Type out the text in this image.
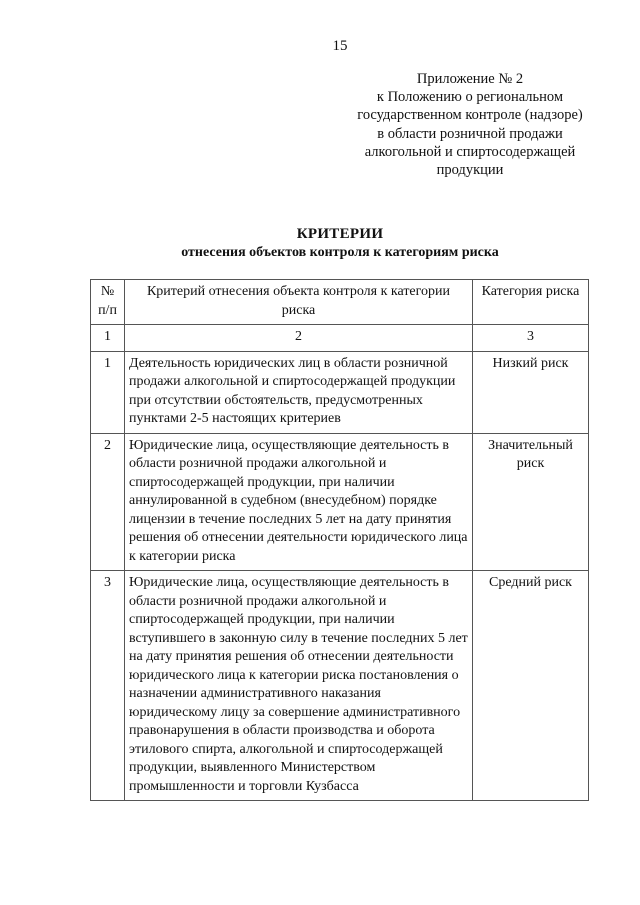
15
Приложение № 2
к Положению о региональном
государственном контроле (надзоре)
в области розничной продажи
алкогольной и спиртосодержащей
продукции
КРИТЕРИИ
отнесения объектов контроля к категориям риска
№ п/п	Критерий отнесения объекта контроля к категории риска	Категория риска
1	2	3
1	Деятельность юридических лиц в области розничной продажи алкогольной и спиртосодержащей продукции при отсутствии обстоятельств, предусмотренных пунктами 2-5 настоящих критериев	Низкий риск
2	Юридические лица, осуществляющие деятельность в области розничной продажи алкогольной и спиртосодержащей продукции, при наличии аннулированной в судебном (внесудебном) порядке лицензии в течение последних 5 лет на дату принятия решения об отнесении деятельности юридического лица к категории риска	Значительный риск
3	Юридические лица, осуществляющие деятельность в области розничной продажи алкогольной и спиртосодержащей продукции, при наличии вступившего в законную силу в течение последних 5 лет на дату принятия решения об отнесении деятельности юридического лица к категории риска постановления о назначении административного наказания юридическому лицу за совершение административного правонарушения в области производства и оборота этилового спирта, алкогольной и спиртосодержащей продукции, выявленного Министерством промышленности и торговли Кузбасса	Средний риск
